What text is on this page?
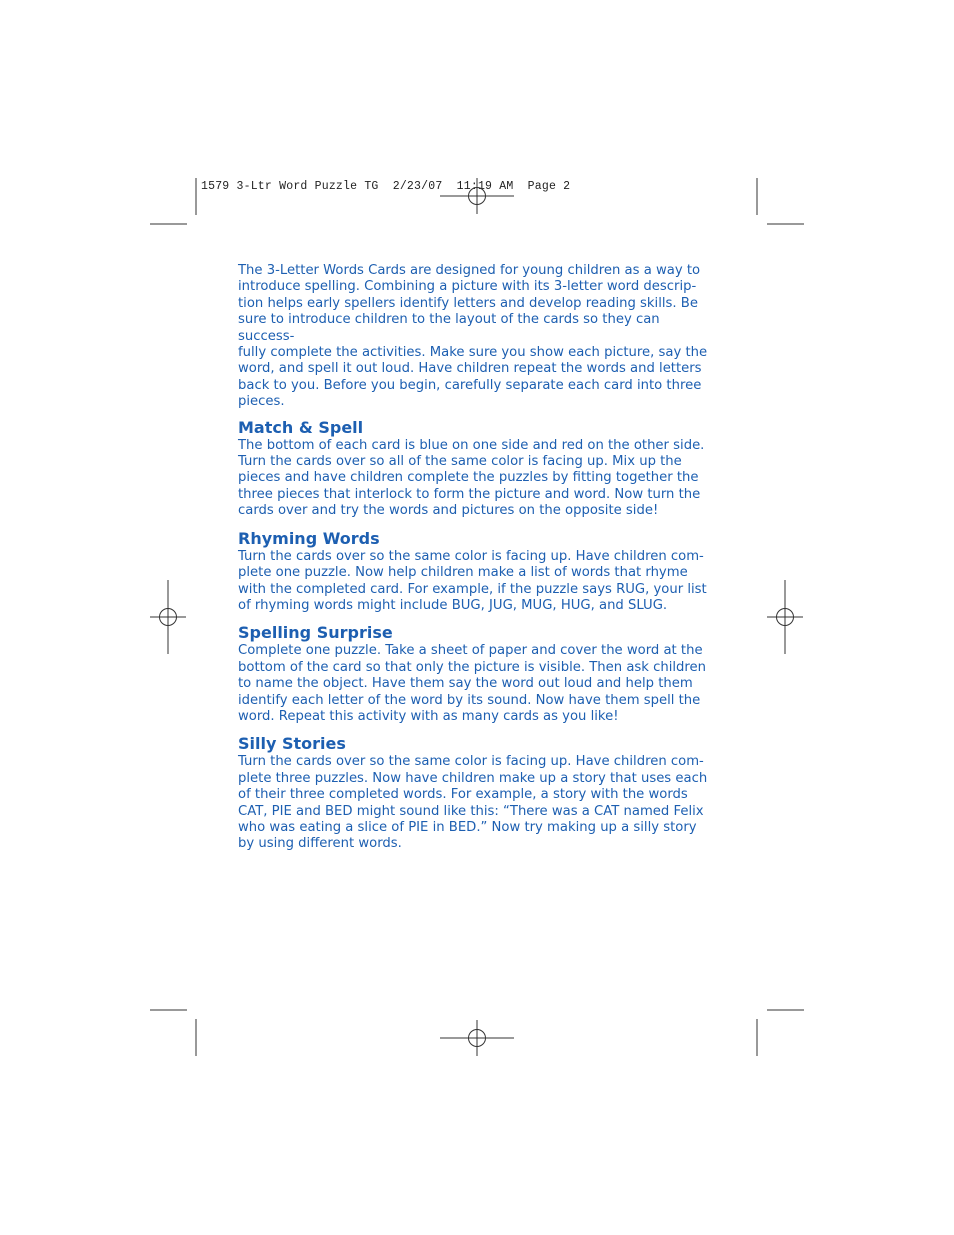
1579 3-Ltr Word Puzzle TG  2/23/07  11:19 AM  Page 2

The 3-Letter Words Cards are designed for young children as a way to
introduce spelling. Combining a picture with its 3-letter word descrip-
tion helps early spellers identify letters and develop reading skills. Be
sure to introduce children to the layout of the cards so they can success-
fully complete the activities. Make sure you show each picture, say the
word, and spell it out loud. Have children repeat the words and letters
back to you. Before you begin, carefully separate each card into three
pieces.

Match & Spell

The bottom of each card is blue on one side and red on the other side.
Turn the cards over so all of the same color is facing up. Mix up the
pieces and have children complete the puzzles by fitting together the
three pieces that interlock to form the picture and word. Now turn the
cards over and try the words and pictures on the opposite side!

Rhyming Words

Turn the cards over so the same color is facing up. Have children com-
plete one puzzle. Now help children make a list of words that rhyme
with the completed card. For example, if the puzzle says RUG, your list
of rhyming words might include BUG, JUG, MUG, HUG, and SLUG.

Spelling Surprise

Complete one puzzle. Take a sheet of paper and cover the word at the
bottom of the card so that only the picture is visible. Then ask children
to name the object. Have them say the word out loud and help them
identify each letter of the word by its sound. Now have them spell the
word. Repeat this activity with as many cards as you like!

Silly Stories

Turn the cards over so the same color is facing up. Have children com-
plete three puzzles. Now have children make up a story that uses each
of their three completed words. For example, a story with the words
CAT, PIE and BED might sound like this: “There was a CAT named Felix
who was eating a slice of PIE in BED.” Now try making up a silly story
by using different words.
